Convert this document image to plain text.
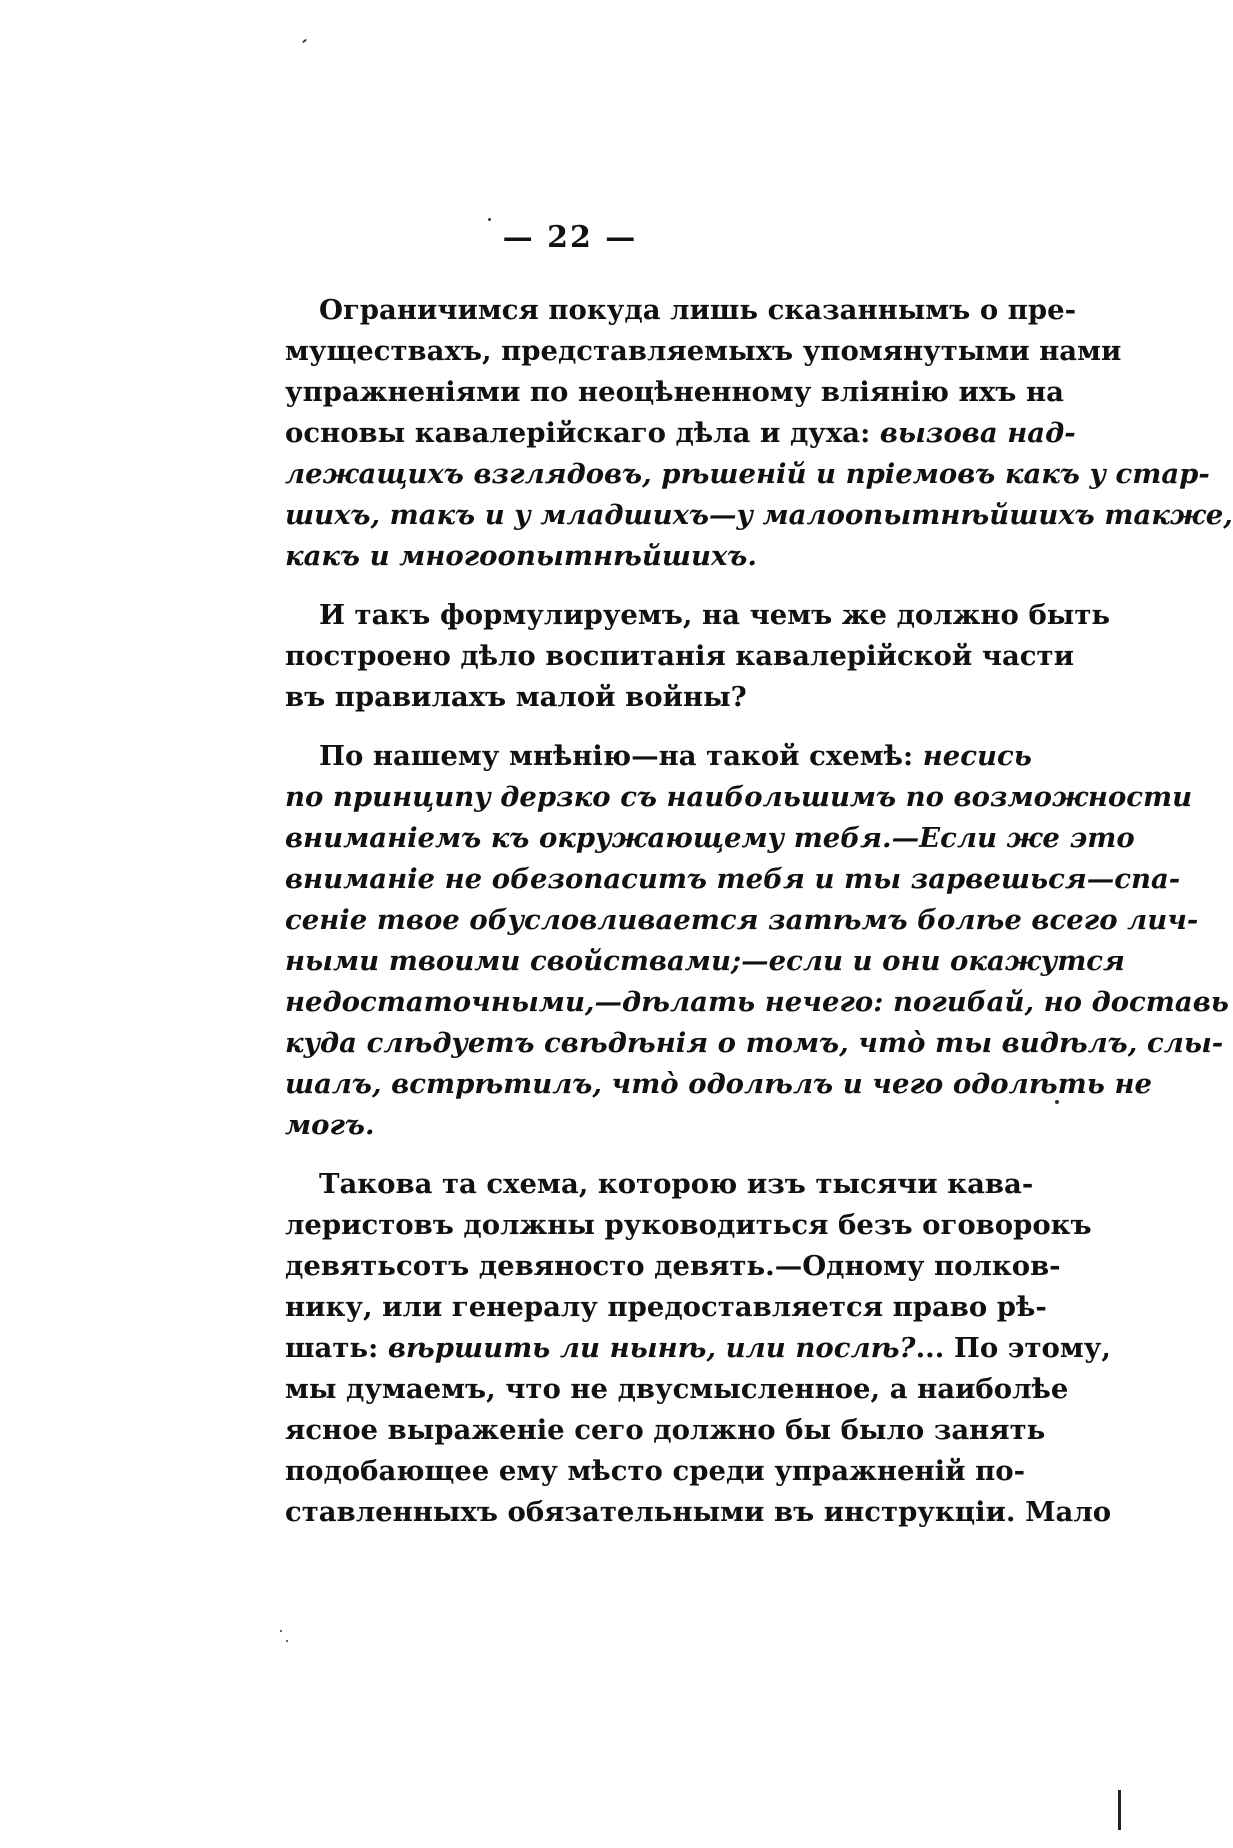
— 22 —
Ограничимся покуда лишь сказаннымъ о пре-
муществахъ, представляемыхъ упомянутыми нами
упражненіями по неоцѣненному вліянію ихъ на
основы кавалерійскаго дѣла и духа: вызова над-
лежащихъ взглядовъ, рѣшеній и пріемовъ какъ у стар-
шихъ, такъ и у младшихъ—у малоопытнѣйшихъ также,
какъ и многоопытнѣйшихъ.
И такъ формулируемъ, на чемъ же должно быть
построено дѣло воспитанія кавалерійской части
въ правилахъ малой войны?
По нашему мнѣнію—на такой схемѣ: несись
по принципу дерзко съ наибольшимъ по возможности
вниманіемъ къ окружающему тебя.—Если же это
вниманіе не обезопаситъ тебя и ты зарвешься—спа-
сеніе твое обусловливается затѣмъ болѣе всего лич-
ными твоими свойствами;—если и они окажутся
недостаточными,—дѣлать нечего: погибай, но доставь
куда слѣдуетъ свѣдѣнія о томъ, что̀ ты видѣлъ, слы-
шалъ, встрѣтилъ, что̀ одолѣлъ и чего одолѣть не
могъ.
Такова та схема, которою изъ тысячи кава-
леристовъ должны руководиться безъ оговорокъ
девятьсотъ девяносто девять.—Одному полков-
нику, или генералу предоставляется право рѣ-
шать: вѣршить ли нынѣ, или послѣ?... По этому,
мы думаемъ, что не двусмысленное, а наиболѣе
ясное выраженіе сего должно бы было занять
подобающее ему мѣсто среди упражненій по-
ставленныхъ обязательными въ инструкціи. Мало
